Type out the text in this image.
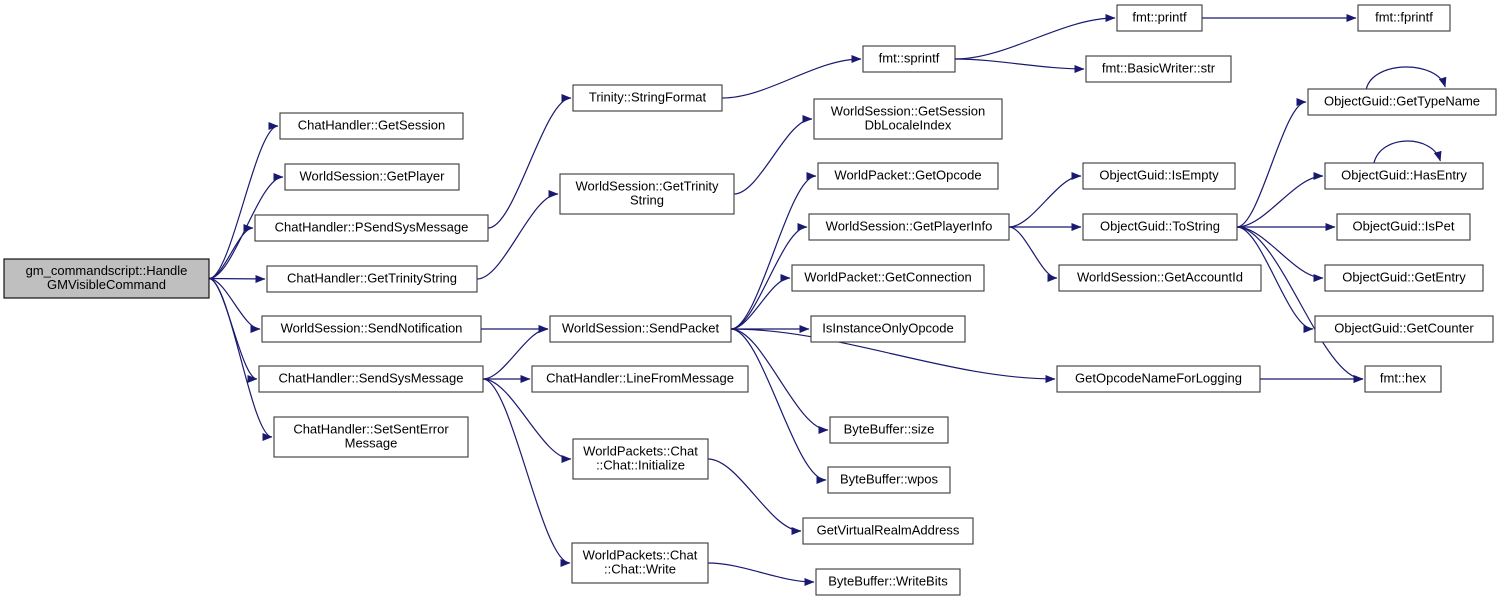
gm_commandscript::Handle
GMVisibleCommand
ChatHandler::GetSession
WorldSession::GetPlayer
ChatHandler::PSendSysMessage
ChatHandler::GetTrinityString
WorldSession::SendNotification
ChatHandler::SendSysMessage
ChatHandler::SetSentError
Message
Trinity::StringFormat
WorldSession::GetTrinity
String
fmt::sprintf
WorldSession::GetSession
DbLocaleIndex
WorldPacket::GetOpcode
WorldSession::GetPlayerInfo
WorldPacket::GetConnection
WorldSession::SendPacket	IsInstanceOnlyOpcode
ChatHandler::LineFromMessage
ByteBuffer::size
WorldPackets::Chat
::Chat::Initialize
ByteBuffer::wpos
GetVirtualRealmAddress
WorldPackets::Chat
::Chat::Write
ByteBuffer::WriteBits
fmt::printf	fmt::fprintf
fmt::BasicWriter::str
ObjectGuid::GetTypeName
ObjectGuid::IsEmpty	ObjectGuid::HasEntry
ObjectGuid::ToString	ObjectGuid::IsPet
WorldSession::GetAccountId	ObjectGuid::GetEntry
ObjectGuid::GetCounter
GetOpcodeNameForLogging	fmt::hex
